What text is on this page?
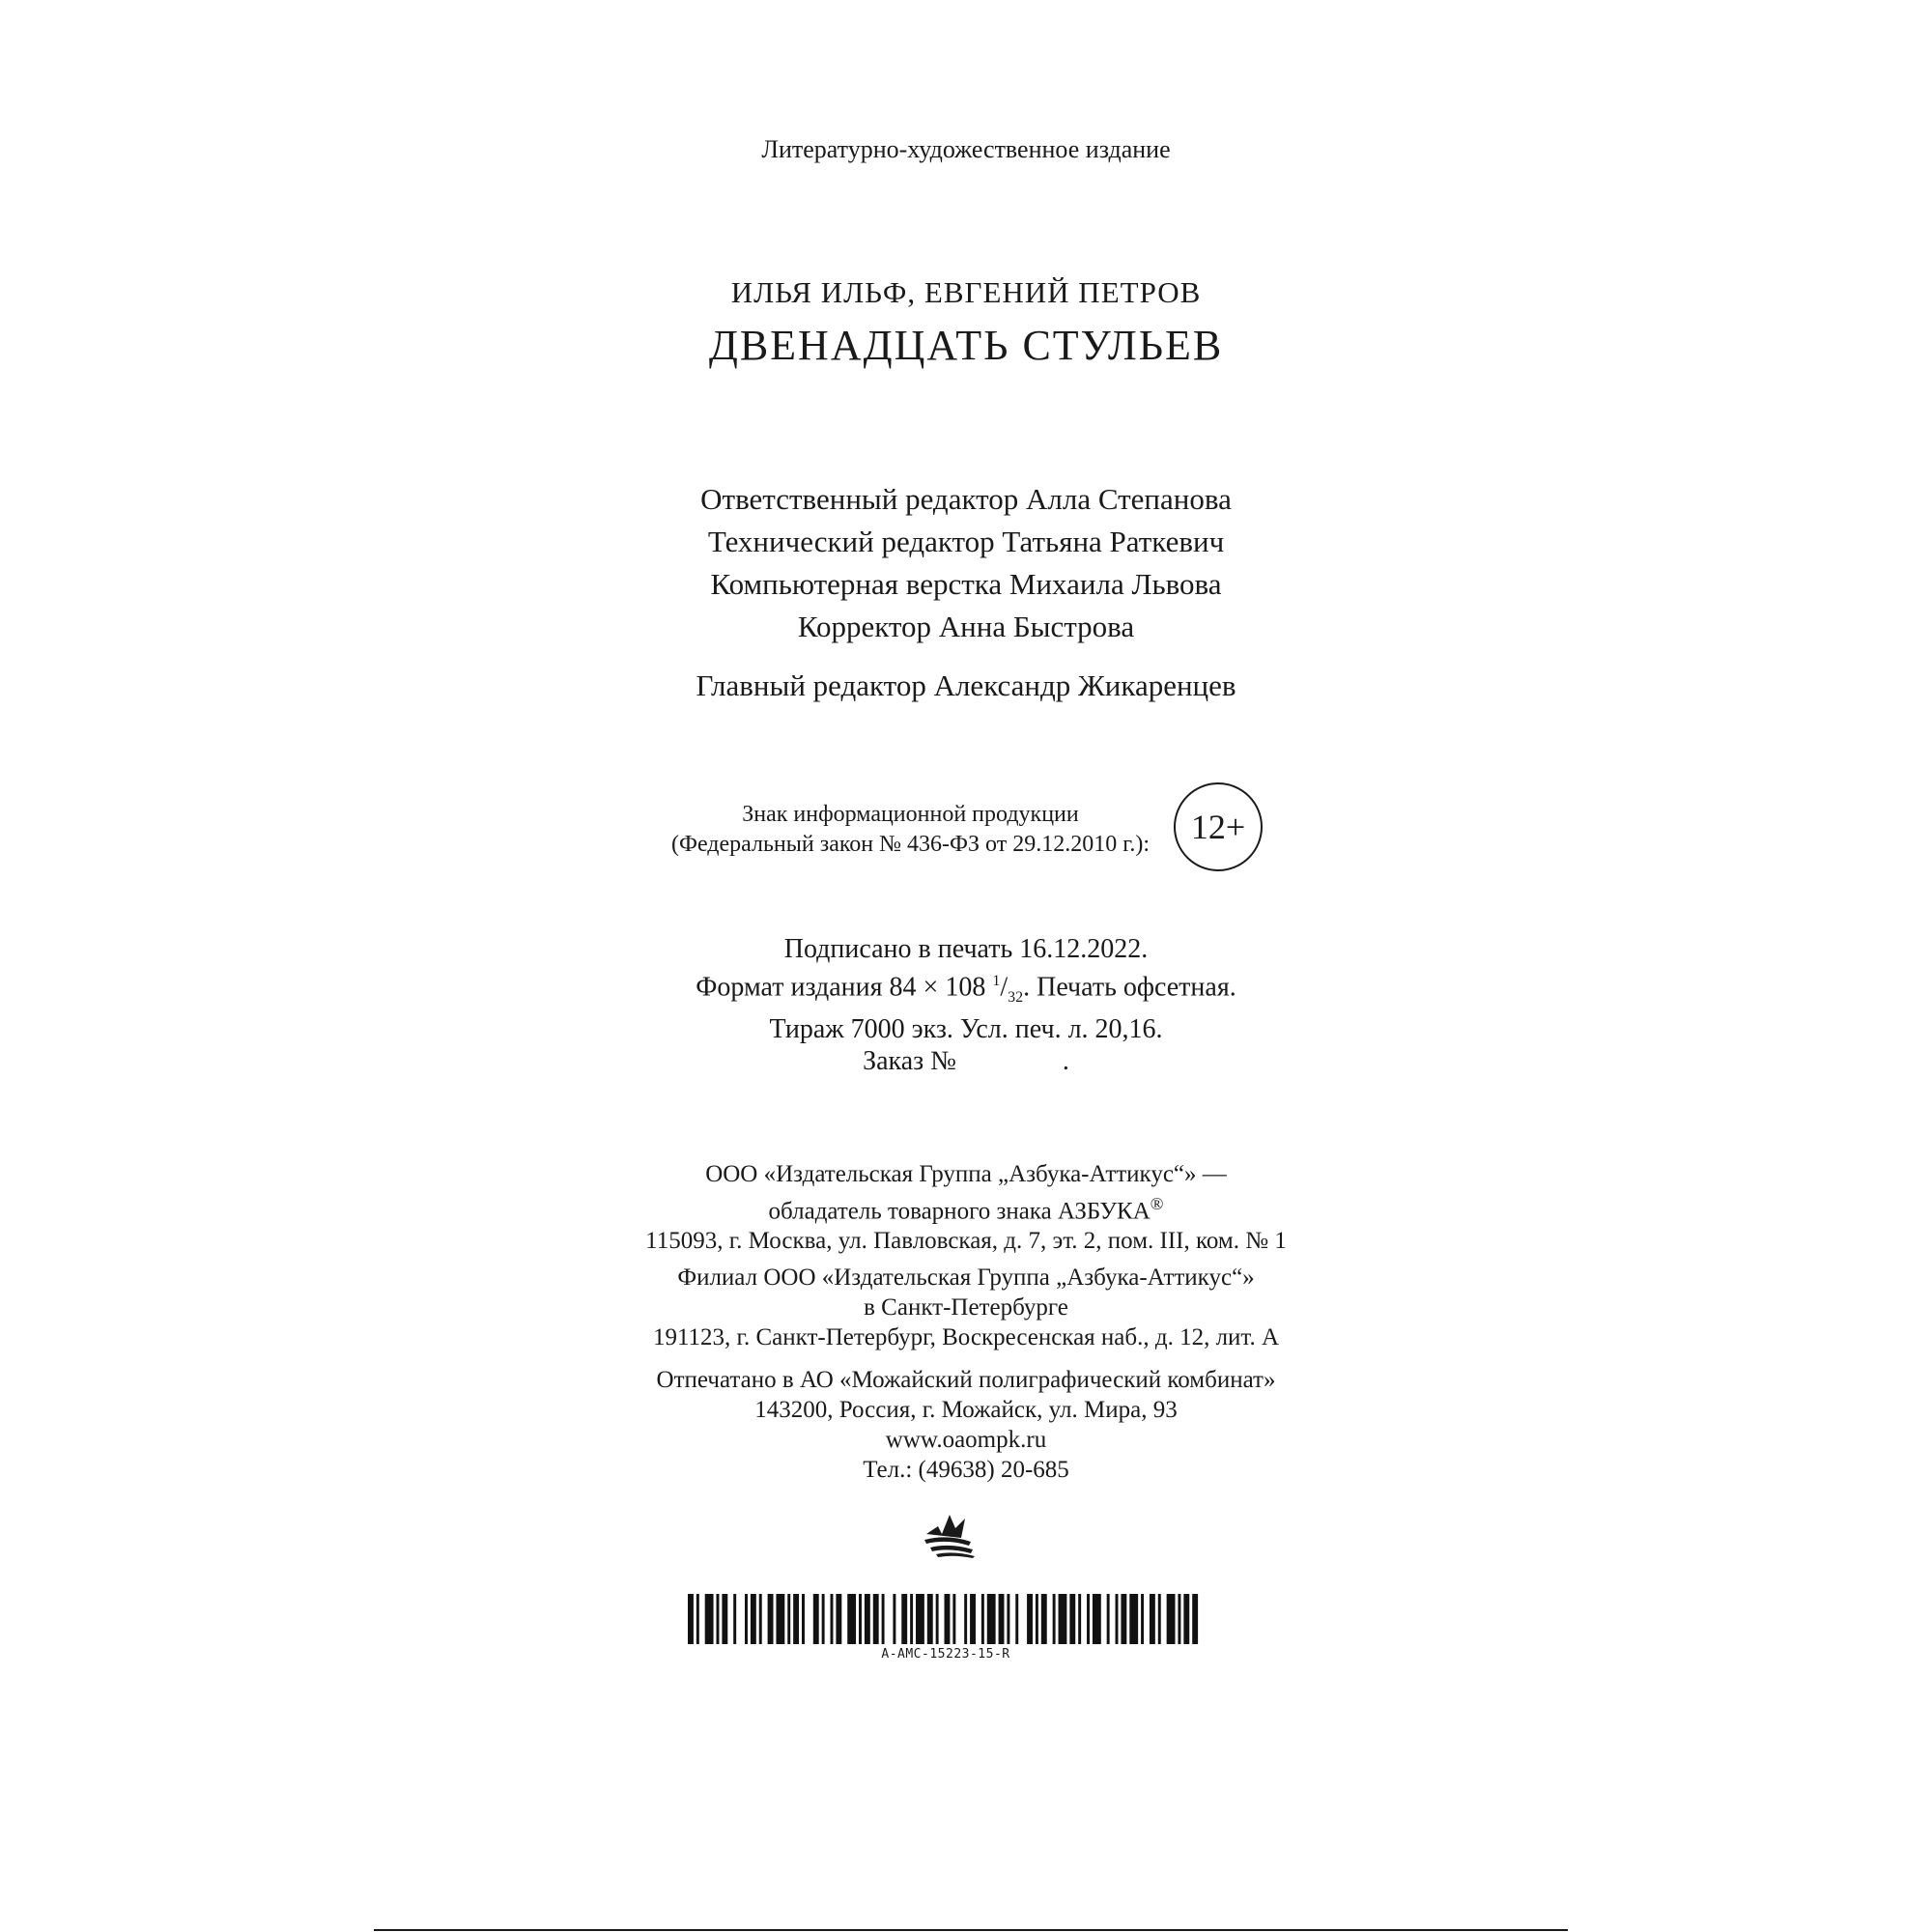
Литературно-художественное издание
ИЛЬЯ ИЛЬФ, ЕВГЕНИЙ ПЕТРОВ
ДВЕНАДЦАТЬ СТУЛЬЕВ
Ответственный редактор Алла Степанова
Технический редактор Татьяна Раткевич
Компьютерная верстка Михаила Львова
Корректор Анна Быстрова
Главный редактор Александр Жикаренцев
Знак информационной продукции
(Федеральный закон № 436-ФЗ от 29.12.2010 г.):	12+
Подписано в печать 16.12.2022.
Формат издания 84 × 108 $^1/_{32}$. Печать офсетная.
Тираж 7000 экз. Усл. печ. л. 20,16.
Заказ №	.
ООО «Издательская Группа „Азбука-Аттикус“» —
обладатель товарного знака АЗБУКА®
115093, г. Москва, ул. Павловская, д. 7, эт. 2, пом. III, ком. № 1
Филиал ООО «Издательская Группа „Азбука-Аттикус“»
в Санкт-Петербурге
191123, г. Санкт-Петербург, Воскресенская наб., д. 12, лит. А
Отпечатано в АО «Можайский полиграфический комбинат»
143200, Россия, г. Можайск, ул. Мира, 93
www.oaompk.ru
Тел.: (49638) 20-685
A-AMC-15223-15-R
